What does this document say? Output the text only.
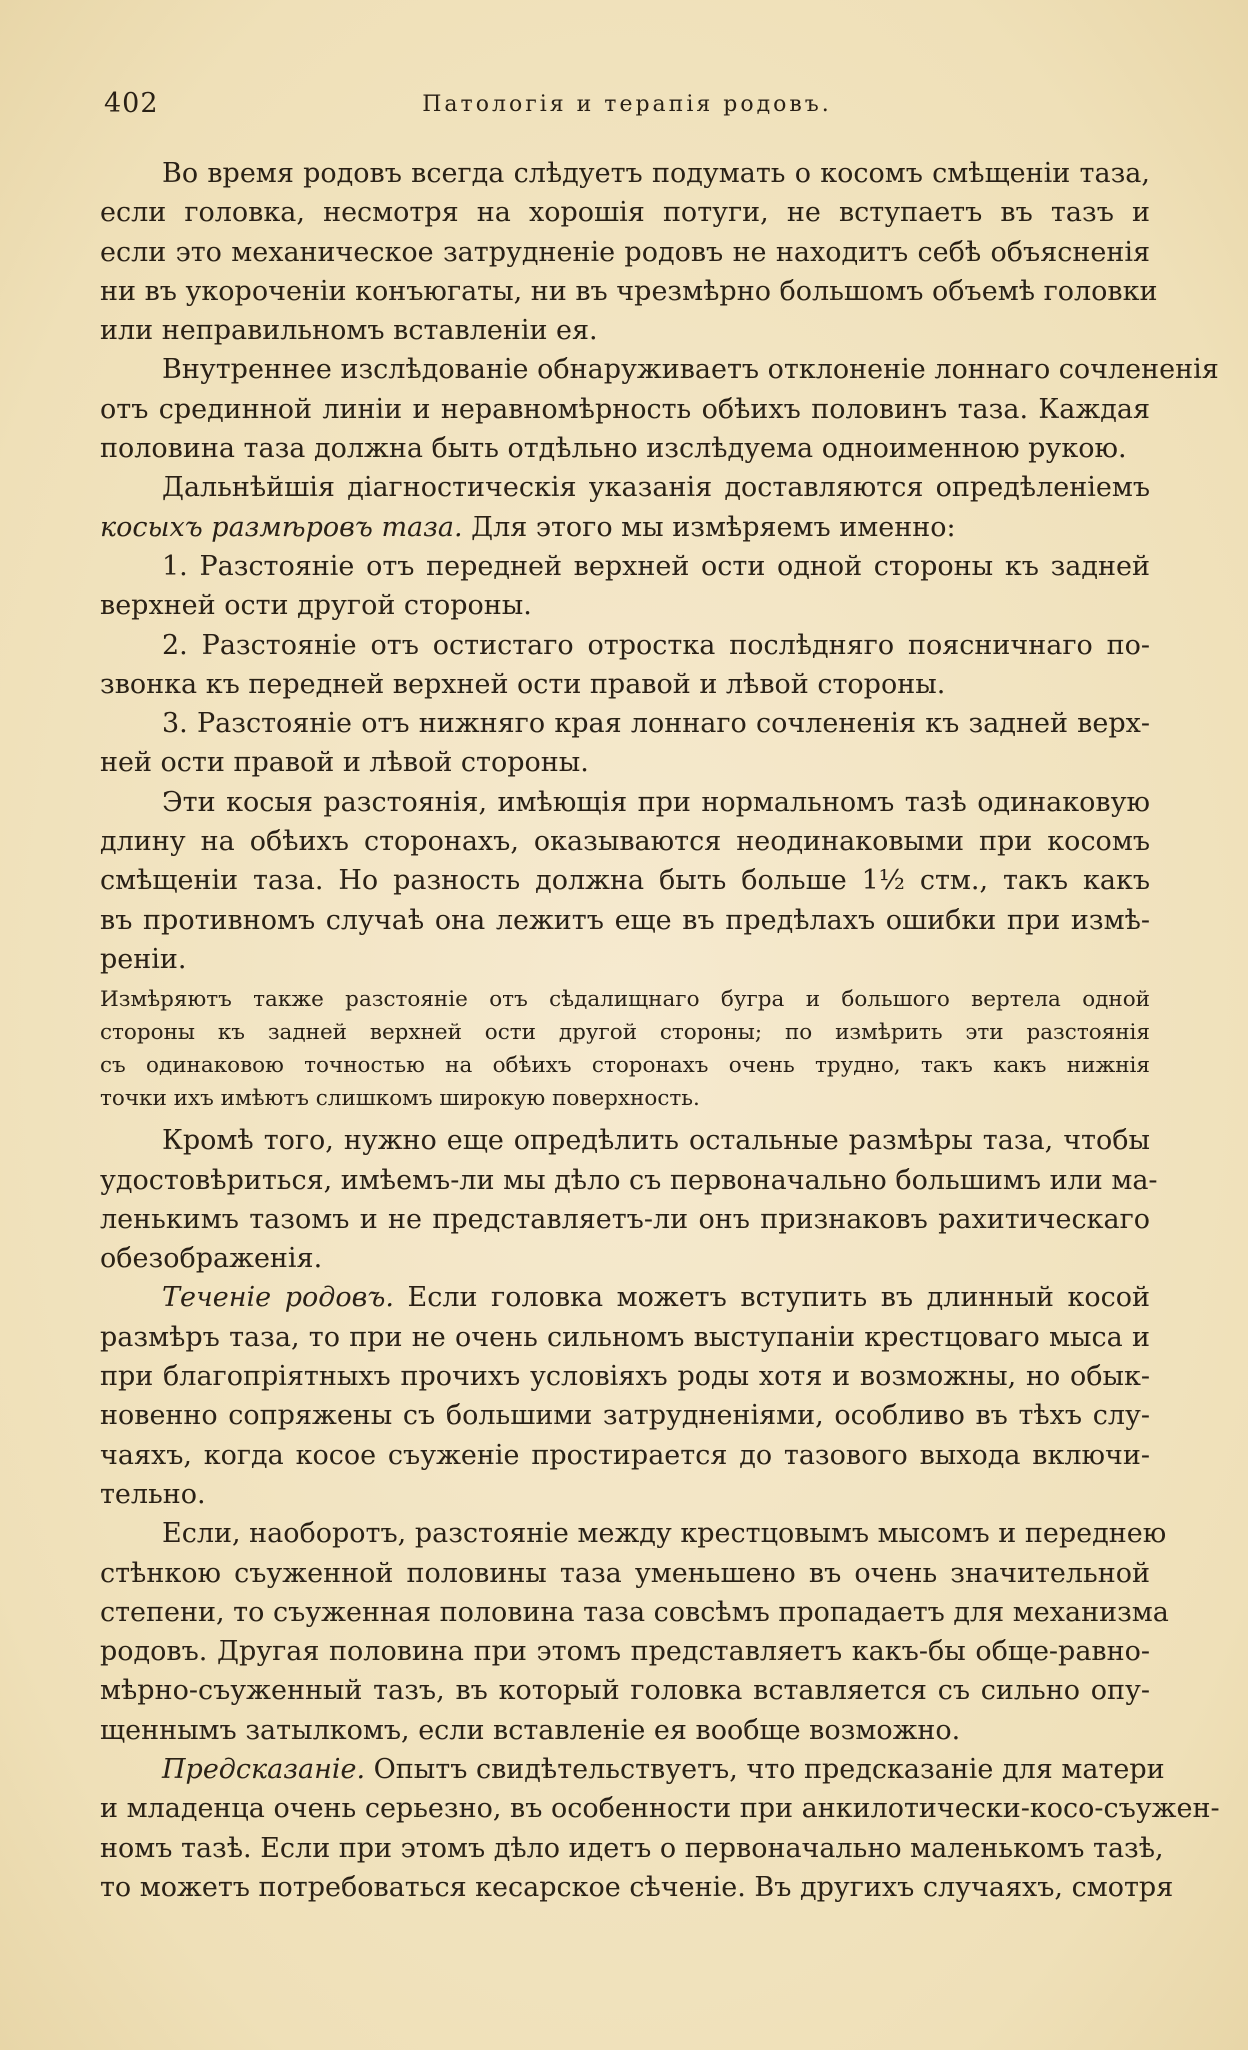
402	Патологія и терапія родовъ.
Во время родовъ всегда слѣдуетъ подумать о косомъ смѣщеніи таза,
если головка, несмотря на хорошія потуги, не вступаетъ въ тазъ и
если это механическое затрудненіе родовъ не находитъ себѣ объясненія
ни въ укороченіи конъюгаты, ни въ чрезмѣрно большомъ объемѣ головки
или неправильномъ вставленіи ея.
Внутреннее изслѣдованіе обнаруживаетъ отклоненіе лоннаго сочлененія
отъ срединной линіи и неравномѣрность обѣихъ половинъ таза. Каждая
половина таза должна быть отдѣльно изслѣдуема одноименною рукою.
Дальнѣйшія діагностическія указанія доставляются опредѣленіемъ
косыхъ размѣровъ таза. Для этого мы измѣряемъ именно:
1. Разстояніе отъ передней верхней ости одной стороны къ задней
верхней ости другой стороны.
2. Разстояніе отъ остистаго отростка послѣдняго поясничнаго по-
звонка къ передней верхней ости правой и лѣвой стороны.
3. Разстояніе отъ нижняго края лоннаго сочлененія къ задней верх-
ней ости правой и лѣвой стороны.
Эти косыя разстоянія, имѣющія при нормальномъ тазѣ одинаковую
длину на обѣихъ сторонахъ, оказываются неодинаковыми при косомъ
смѣщеніи таза. Но разность должна быть больше 1½ стм., такъ какъ
въ противномъ случаѣ она лежитъ еще въ предѣлахъ ошибки при измѣ-
реніи.
Измѣряютъ также разстояніе отъ сѣдалищнаго бугра и большого вертела одной
стороны къ задней верхней ости другой стороны; по измѣрить эти разстоянія
съ одинаковою точностью на обѣихъ сторонахъ очень трудно, такъ какъ нижнія
точки ихъ имѣютъ слишкомъ широкую поверхность.
Кромѣ того, нужно еще опредѣлить остальные размѣры таза, чтобы
удостовѣриться, имѣемъ-ли мы дѣло съ первоначально большимъ или ма-
ленькимъ тазомъ и не представляетъ-ли онъ признаковъ рахитическаго
обезображенія.
Теченіе родовъ. Если головка можетъ вступить въ длинный косой
размѣръ таза, то при не очень сильномъ выступаніи крестцоваго мыса и
при благопріятныхъ прочихъ условіяхъ роды хотя и возможны, но обык-
новенно сопряжены съ большими затрудненіями, особливо въ тѣхъ слу-
чаяхъ, когда косое съуженіе простирается до тазового выхода включи-
тельно.
Если, наоборотъ, разстояніе между крестцовымъ мысомъ и переднею
стѣнкою съуженной половины таза уменьшено въ очень значительной
степени, то съуженная половина таза совсѣмъ пропадаетъ для механизма
родовъ. Другая половина при этомъ представляетъ какъ-бы обще-равно-
мѣрно-съуженный тазъ, въ который головка вставляется съ сильно опу-
щеннымъ затылкомъ, если вставленіе ея вообще возможно.
Предсказаніе. Опытъ свидѣтельствуетъ, что предсказаніе для матери
и младенца очень серьезно, въ особенности при анкилотически-косо-съужен-
номъ тазѣ. Если при этомъ дѣло идетъ о первоначально маленькомъ тазѣ,
то можетъ потребоваться кесарское сѣченіе. Въ другихъ случаяхъ, смотря
